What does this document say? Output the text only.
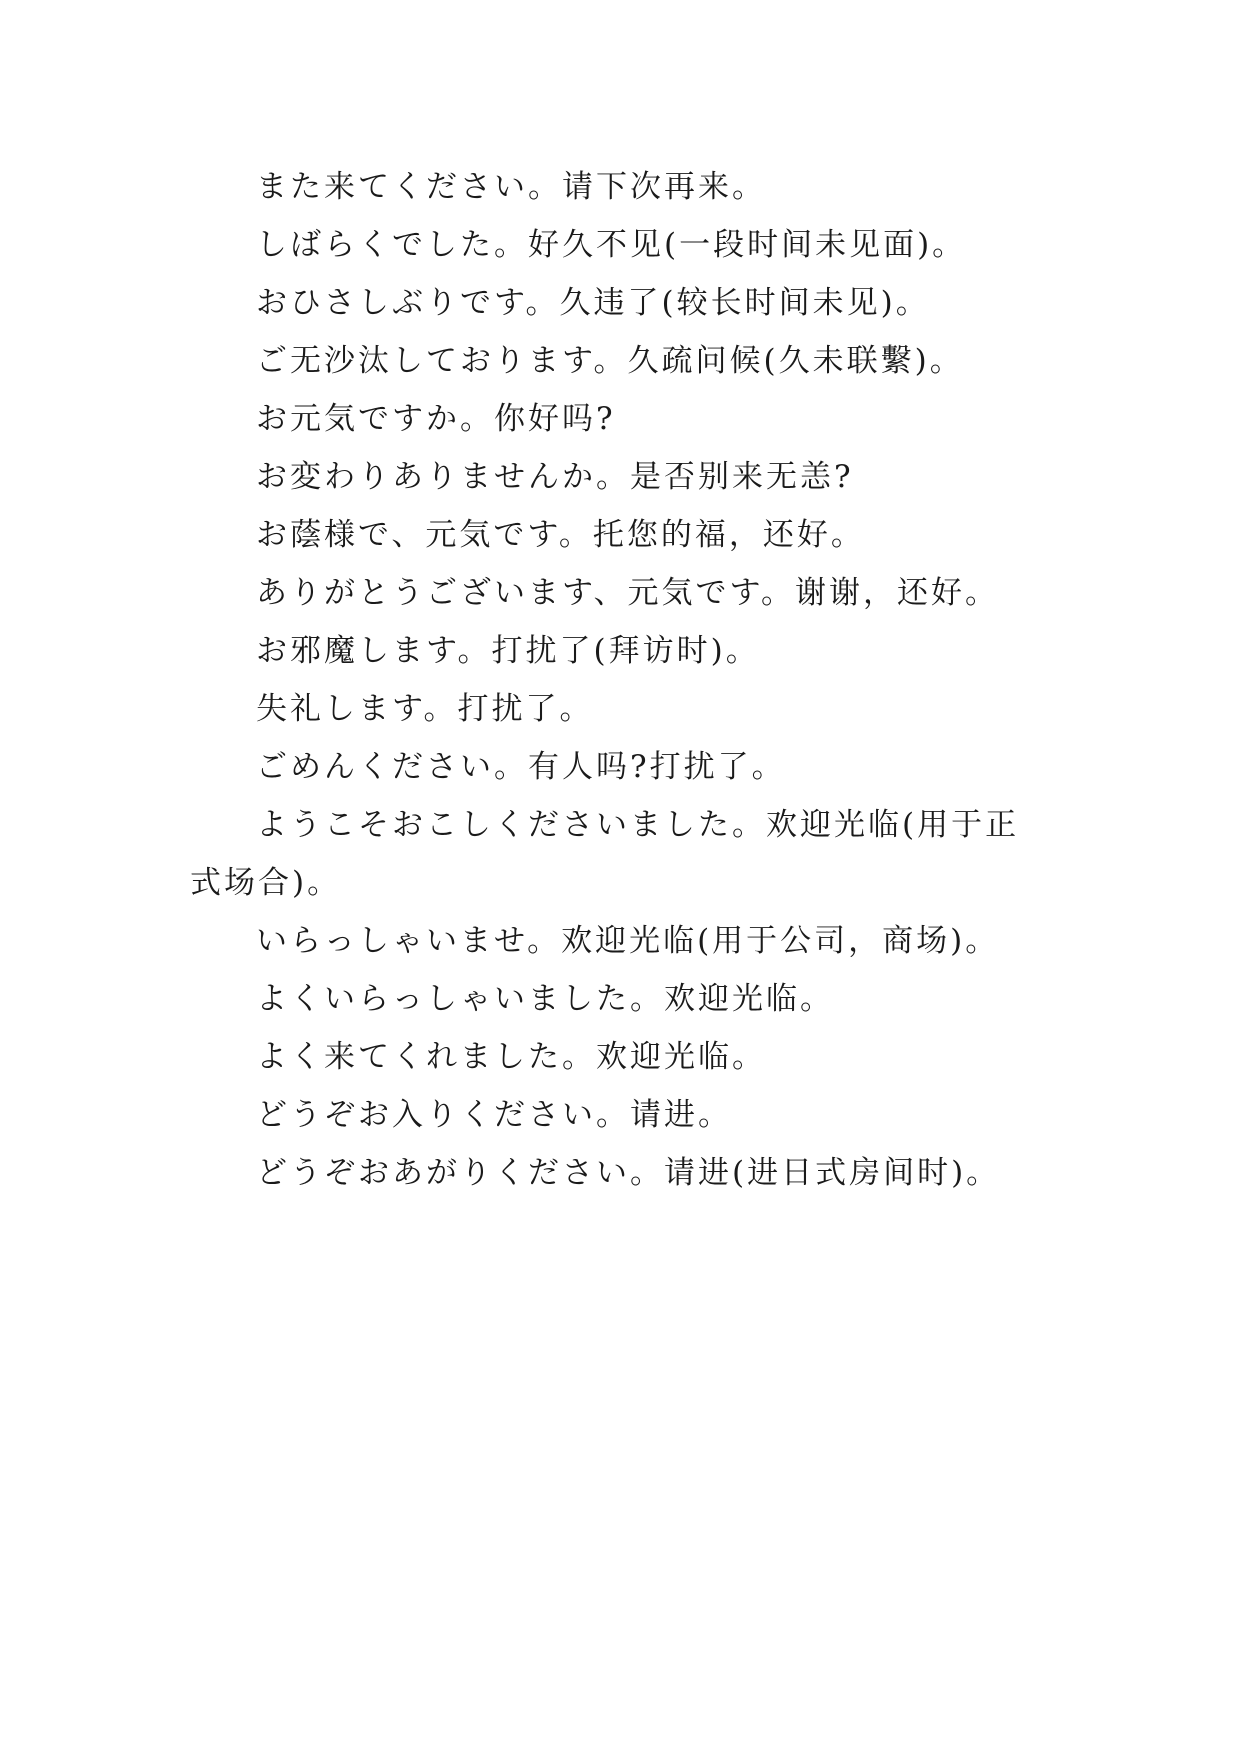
また来てください。请下次再来。

しばらくでした。好久不见(一段时间未见面)。

おひさしぶりです。久违了(较长时间未见)。

ご无沙汰しております。久疏问候(久未联繫)。

お元気ですか。你好吗?

お変わりありませんか。是否别来无恙?

お蔭様で、元気です。托您的福，还好。

ありがとうございます、元気です。谢谢，还好。

お邪魔します。打扰了(拜访时)。

失礼します。打扰了。

ごめんください。有人吗?打扰了。

ようこそおこしくださいました。欢迎光临(用于正式场合)。

いらっしゃいませ。欢迎光临(用于公司，商场)。

よくいらっしゃいました。欢迎光临。

よく来てくれました。欢迎光临。

どうぞお入りください。请进。

どうぞおあがりください。请进(进日式房间时)。
